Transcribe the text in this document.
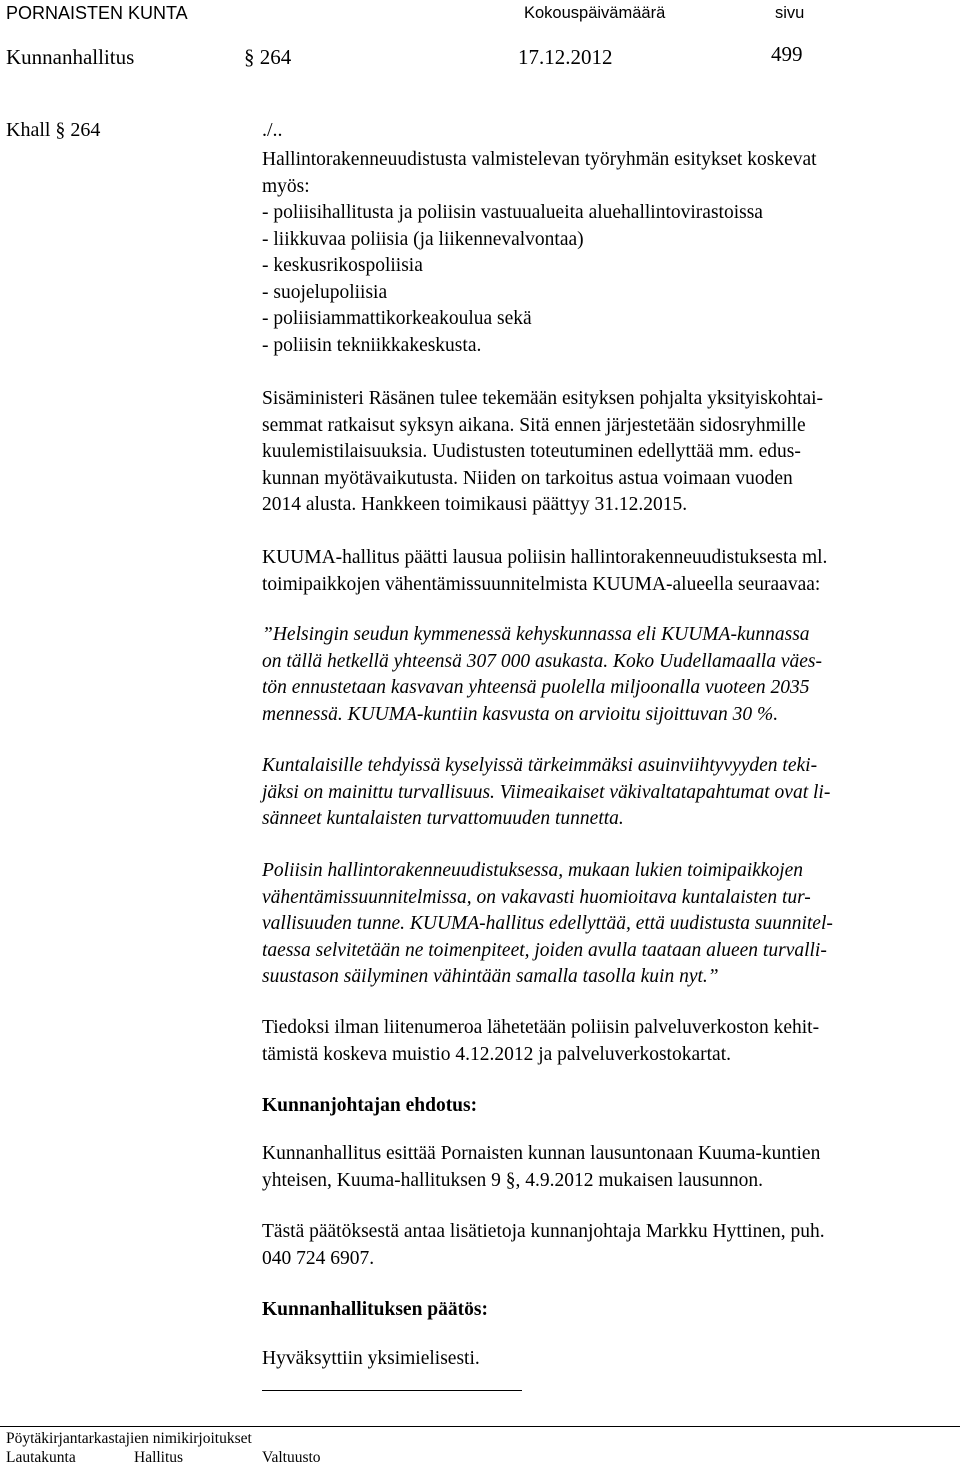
PORNAISTEN KUNTA	Kokouspäivämäärä	sivu
Kunnanhallitus	§ 264	17.12.2012	499
Khall § 264	./..
Hallintorakenneuudistusta valmistelevan työryhmän esitykset koskevat
myös:
- poliisihallitusta ja poliisin vastuualueita aluehallintovirastoissa
- liikkuvaa poliisia (ja liikennevalvontaa)
- keskusrikospoliisia
- suojelupoliisia
- poliisiammattikorkeakoulua sekä
- poliisin tekniikkakeskusta.
Sisäministeri Räsänen tulee tekemään esityksen pohjalta yksityiskohtai-
semmat ratkaisut syksyn aikana. Sitä ennen järjestetään sidosryhmille
kuulemistilaisuuksia. Uudistusten toteutuminen edellyttää mm. edus-
kunnan myötävaikutusta. Niiden on tarkoitus astua voimaan vuoden
2014 alusta. Hankkeen toimikausi päättyy 31.12.2015.
KUUMA-hallitus päätti lausua poliisin hallintorakenneuudistuksesta ml.
toimipaikkojen vähentämissuunnitelmista KUUMA-alueella seuraavaa:
”Helsingin seudun kymmenessä kehyskunnassa eli KUUMA-kunnassa
on tällä hetkellä yhteensä 307 000 asukasta. Koko Uudellamaalla väes-
tön ennustetaan kasvavan yhteensä puolella miljoonalla vuoteen 2035
mennessä. KUUMA-kuntiin kasvusta on arvioitu sijoittuvan 30 %.
Kuntalaisille tehdyissä kyselyissä tärkeimmäksi asuinviihtyvyyden teki-
jäksi on mainittu turvallisuus. Viimeaikaiset väkivaltatapahtumat ovat li-
sänneet kuntalaisten turvattomuuden tunnetta.
Poliisin hallintorakenneuudistuksessa, mukaan lukien toimipaikkojen
vähentämissuunnitelmissa, on vakavasti huomioitava kuntalaisten tur-
vallisuuden tunne. KUUMA-hallitus edellyttää, että uudistusta suunnitel-
taessa selvitetään ne toimenpiteet, joiden avulla taataan alueen turvalli-
suustason säilyminen vähintään samalla tasolla kuin nyt.”
Tiedoksi ilman liitenumeroa lähetetään poliisin palveluverkoston kehit-
tämistä koskeva muistio 4.12.2012 ja palveluverkostokartat.
Kunnanjohtajan ehdotus:
Kunnanhallitus esittää Pornaisten kunnan lausuntonaan Kuuma-kuntien
yhteisen, Kuuma-hallituksen 9 §, 4.9.2012 mukaisen lausunnon.
Tästä päätöksestä antaa lisätietoja kunnanjohtaja Markku Hyttinen, puh.
040 724 6907.
Kunnanhallituksen päätös:
Hyväksyttiin yksimielisesti.
Pöytäkirjantarkastajien nimikirjoitukset
Lautakunta	Hallitus	Valtuusto
